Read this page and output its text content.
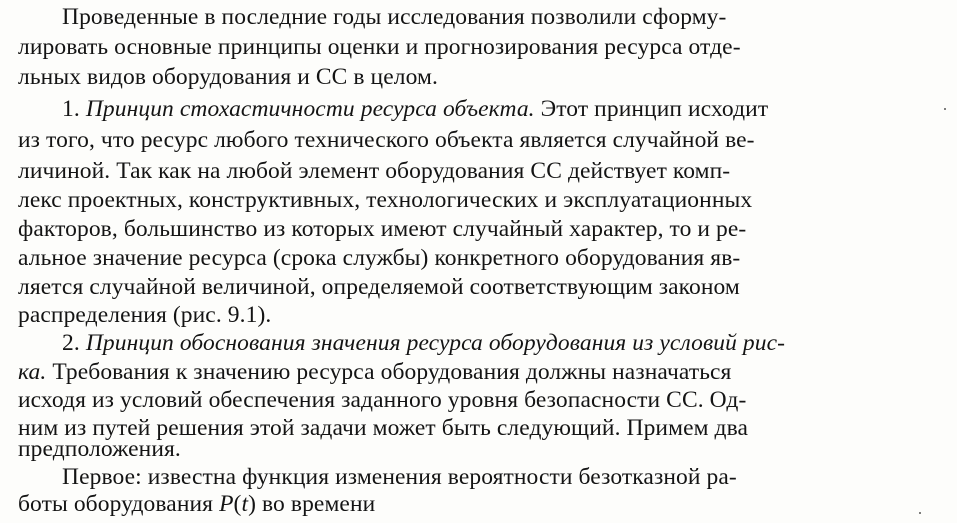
Проведенные в последние годы исследования позволили сформу-
лировать основные принципы оценки и прогнозирования ресурса отде-
льных видов оборудования и СС в целом.
1. Принцип стохастичности ресурса объекта. Этот принцип исходит
из того, что ресурс любого технического объекта является случайной ве-
личиной. Так как на любой элемент оборудования СС действует комп-
лекс проектных, конструктивных, технологических и эксплуатационных
факторов, большинство из которых имеют случайный характер, то и ре-
альное значение ресурса (срока службы) конкретного оборудования яв-
ляется случайной величиной, определяемой соответствующим законом
распределения (рис. 9.1).
2. Принцип обоснования значения ресурса оборудования из условий рис-
ка. Требования к значению ресурса оборудования должны назначаться
исходя из условий обеспечения заданного уровня безопасности СС. Од-
ним из путей решения этой задачи может быть следующий. Примем два
предположения.
Первое: известна функция изменения вероятности безотказной ра-
боты оборудования P(t) во времени
